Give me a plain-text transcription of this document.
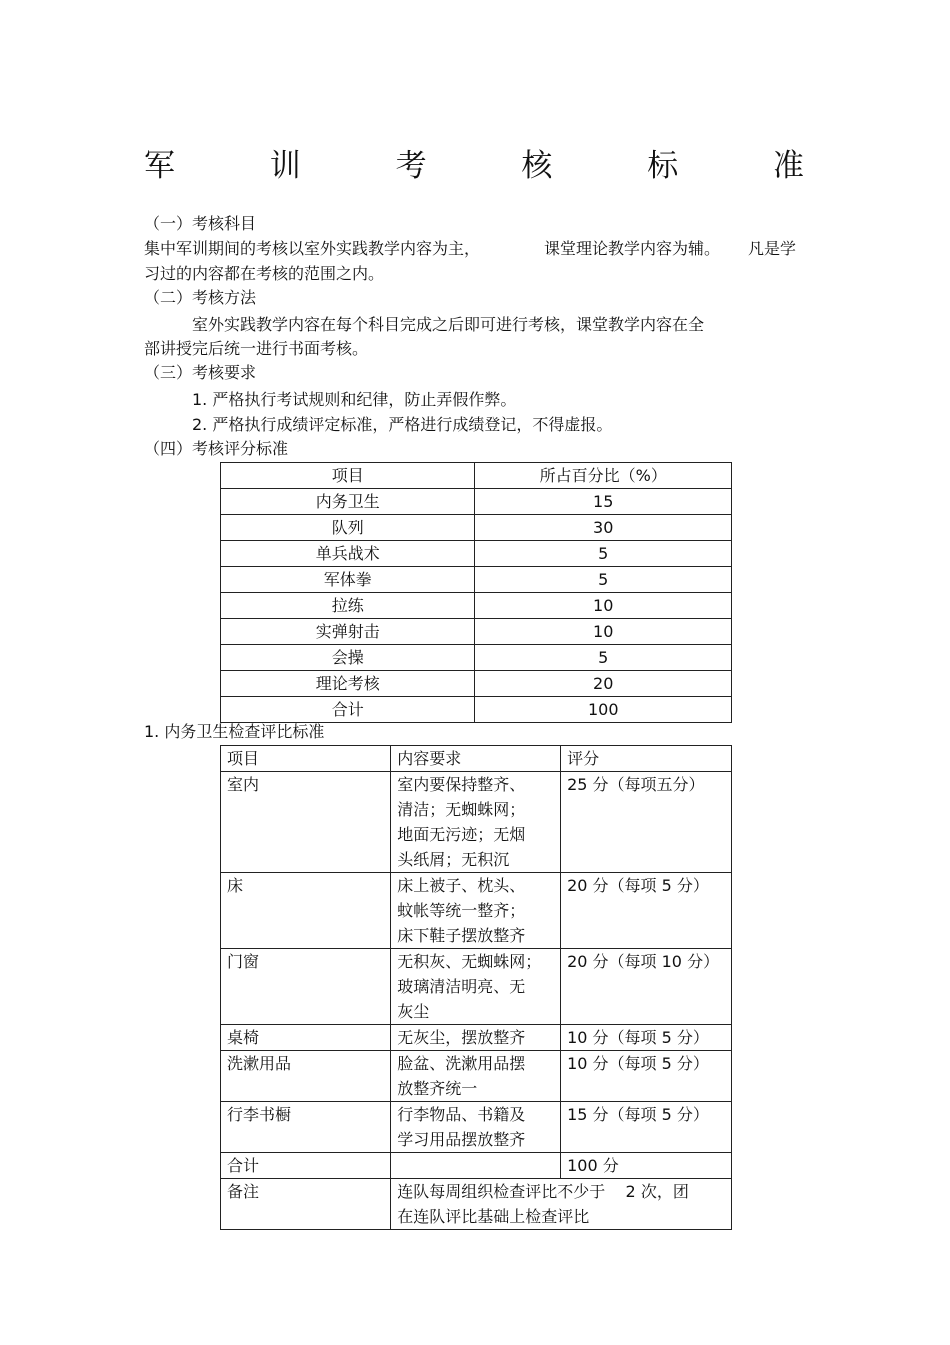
军	训	考	核	标	准
（一）考核科目
集中军训期间的考核以室外实践教学内容为主，	课堂理论教学内容为辅。 凡是学
习过的内容都在考核的范围之内。
（二）考核方法
室外实践教学内容在每个科目完成之后即可进行考核，课堂教学内容在全
部讲授完后统一进行书面考核。
（三）考核要求
1. 严格执行考试规则和纪律，防止弄假作弊。
2. 严格执行成绩评定标准，严格进行成绩登记，不得虚报。
（四）考核评分标准
项目	所占百分比（%）
内务卫生	15
队列	30
单兵战术	5
军体拳	5
拉练	10
实弹射击	10
会操	5
理论考核	20
合计	100
1. 内务卫生检查评比标准
项目	内容要求	评分
室内	室内要保持整齐、
清洁；无蜘蛛网；
地面无污迹；无烟
头纸屑；无积沉	25 分（每项五分）
床	床上被子、枕头、
蚊帐等统一整齐；
床下鞋子摆放整齐	20 分（每项 5 分）
门窗	无积灰、无蜘蛛网；
玻璃清洁明亮、无
灰尘	20 分（每项 10 分）
桌椅	无灰尘，摆放整齐	10 分（每项 5 分）
洗漱用品	脸盆、洗漱用品摆
放整齐统一	10 分（每项 5 分）
行李书橱	行李物品、书籍及
学习用品摆放整齐	15 分（每项 5 分）
合计		100 分
备注	连队每周组织检查评比不少于    2 次，团
在连队评比基础上检查评比	
